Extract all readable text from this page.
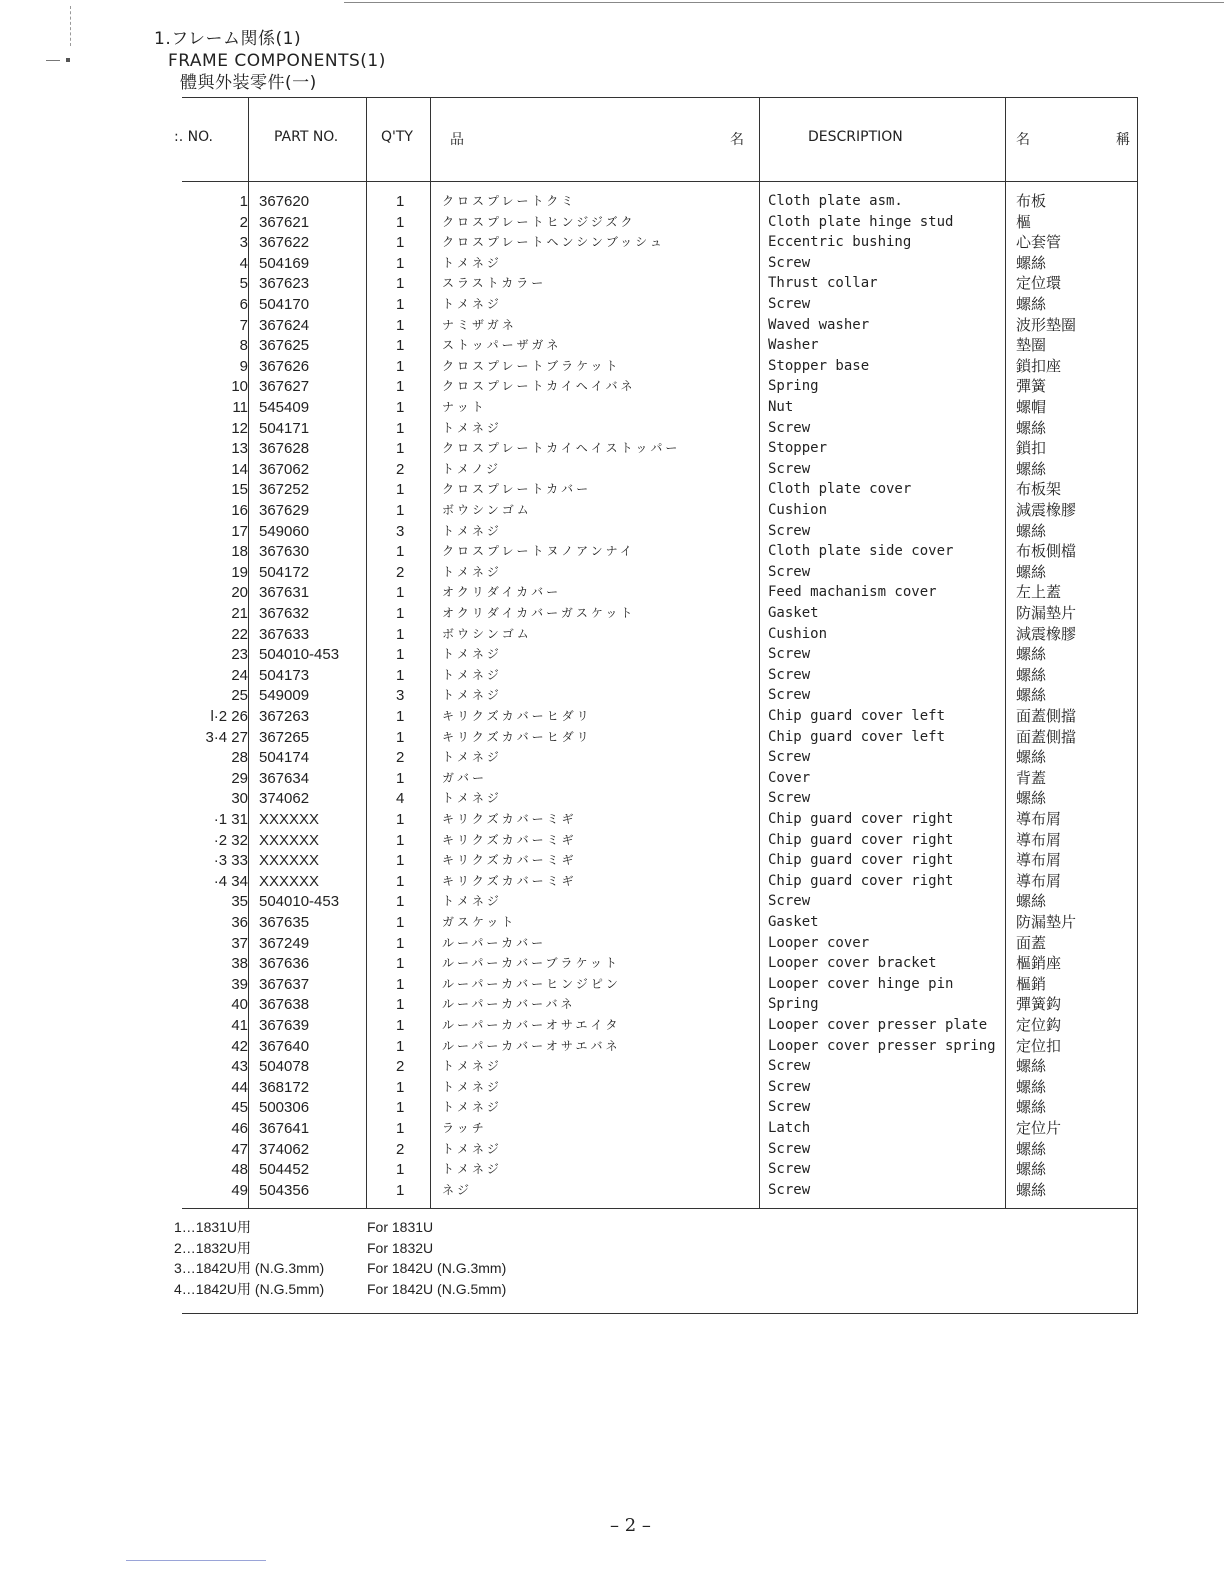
1.フレーム関係(1)
FRAME COMPONENTS(1)
體與外装零件(一)
:. NO.	PART NO.	Q'TY	品	名	DESCRIPTION	名	稱
1 367620	1	クロスプレートクミ	Cloth plate asm.	布板
2 367621	1	クロスプレートヒンジジズク	Cloth plate hinge stud	樞
3 367622	1	クロスプレートヘンシンブッシュ	Eccentric bushing	心套管
4 504169	1	トメネジ	Screw	螺絲
5 367623	1	スラストカラー	Thrust collar	定位環
6 504170	1	トメネジ	Screw	螺絲
7 367624	1	ナミザガネ	Waved washer	波形墊圈
8 367625	1	ストッパーザガネ	Washer	墊圈
9 367626	1	クロスプレートブラケット	Stopper base	鎖扣座
10 367627	1	クロスプレートカイヘイバネ	Spring	彈簧
11 545409	1	ナット	Nut	螺帽
12 504171	1	トメネジ	Screw	螺絲
13 367628	1	クロスプレートカイヘイストッパー	Stopper	鎖扣
14 367062	2	トメノジ	Screw	螺絲
15 367252	1	クロスプレートカバー	Cloth plate cover	布板架
16 367629	1	ボウシンゴム	Cushion	減震橡膠
17 549060	3	トメネジ	Screw	螺絲
18 367630	1	クロスプレートヌノアンナイ	Cloth plate side cover	布板側檔
19 504172	2	トメネジ	Screw	螺絲
20 367631	1	オクリダイカバー	Feed machanism cover	左上蓋
21 367632	1	オクリダイカバーガスケット	Gasket	防漏墊片
22 367633	1	ボウシンゴム	Cushion	減震橡膠
23 504010-453	1	トメネジ	Screw	螺絲
24 504173	1	トメネジ	Screw	螺絲
25 549009	3	トメネジ	Screw	螺絲
l·2 26 367263	1	キリクズカバーヒダリ	Chip guard cover left	面蓋側擋
3·4 27 367265	1	キリクズカバーヒダリ	Chip guard cover left	面蓋側擋
28 504174	2	トメネジ	Screw	螺絲
29 367634	1	ガバー	Cover	背蓋
30 374062	4	トメネジ	Screw	螺絲
·1 31 XXXXXX	1	キリクズカバーミギ	Chip guard cover right	導布屑
·2 32 XXXXXX	1	キリクズカバーミギ	Chip guard cover right	導布屑
·3 33 XXXXXX	1	キリクズカバーミギ	Chip guard cover right	導布屑
·4 34 XXXXXX	1	キリクズカバーミギ	Chip guard cover right	導布屑
35 504010-453	1	トメネジ	Screw	螺絲
36 367635	1	ガスケット	Gasket	防漏墊片
37 367249	1	ルーパーカバー	Looper cover	面蓋
38 367636	1	ルーパーカバーブラケット	Looper cover bracket	樞銷座
39 367637	1	ルーパーカバーヒンジピン	Looper cover hinge pin	樞銷
40 367638	1	ルーパーカバーバネ	Spring	彈簧鈎
41 367639	1	ルーパーカバーオサエイタ	Looper cover presser plate 定位鈎
42 367640	1	ルーパーカバーオサエバネ	Looper cover presser spring 定位扣
43 504078	2	トメネジ	Screw	螺絲
44 368172	1	トメネジ	Screw	螺絲
45 500306	1	トメネジ	Screw	螺絲
46 367641	1	ラッチ	Latch	定位片
47 374062	2	トメネジ	Screw	螺絲
48 504452	1	トメネジ	Screw	螺絲
49 504356	1	ネジ	Screw	螺絲
1…1831U用	For 1831U
2…1832U用	For 1832U
3…1842U用 (N.G.3mm)	For 1842U (N.G.3mm)
4…1842U用 (N.G.5mm)	For 1842U (N.G.5mm)
– 2 –
